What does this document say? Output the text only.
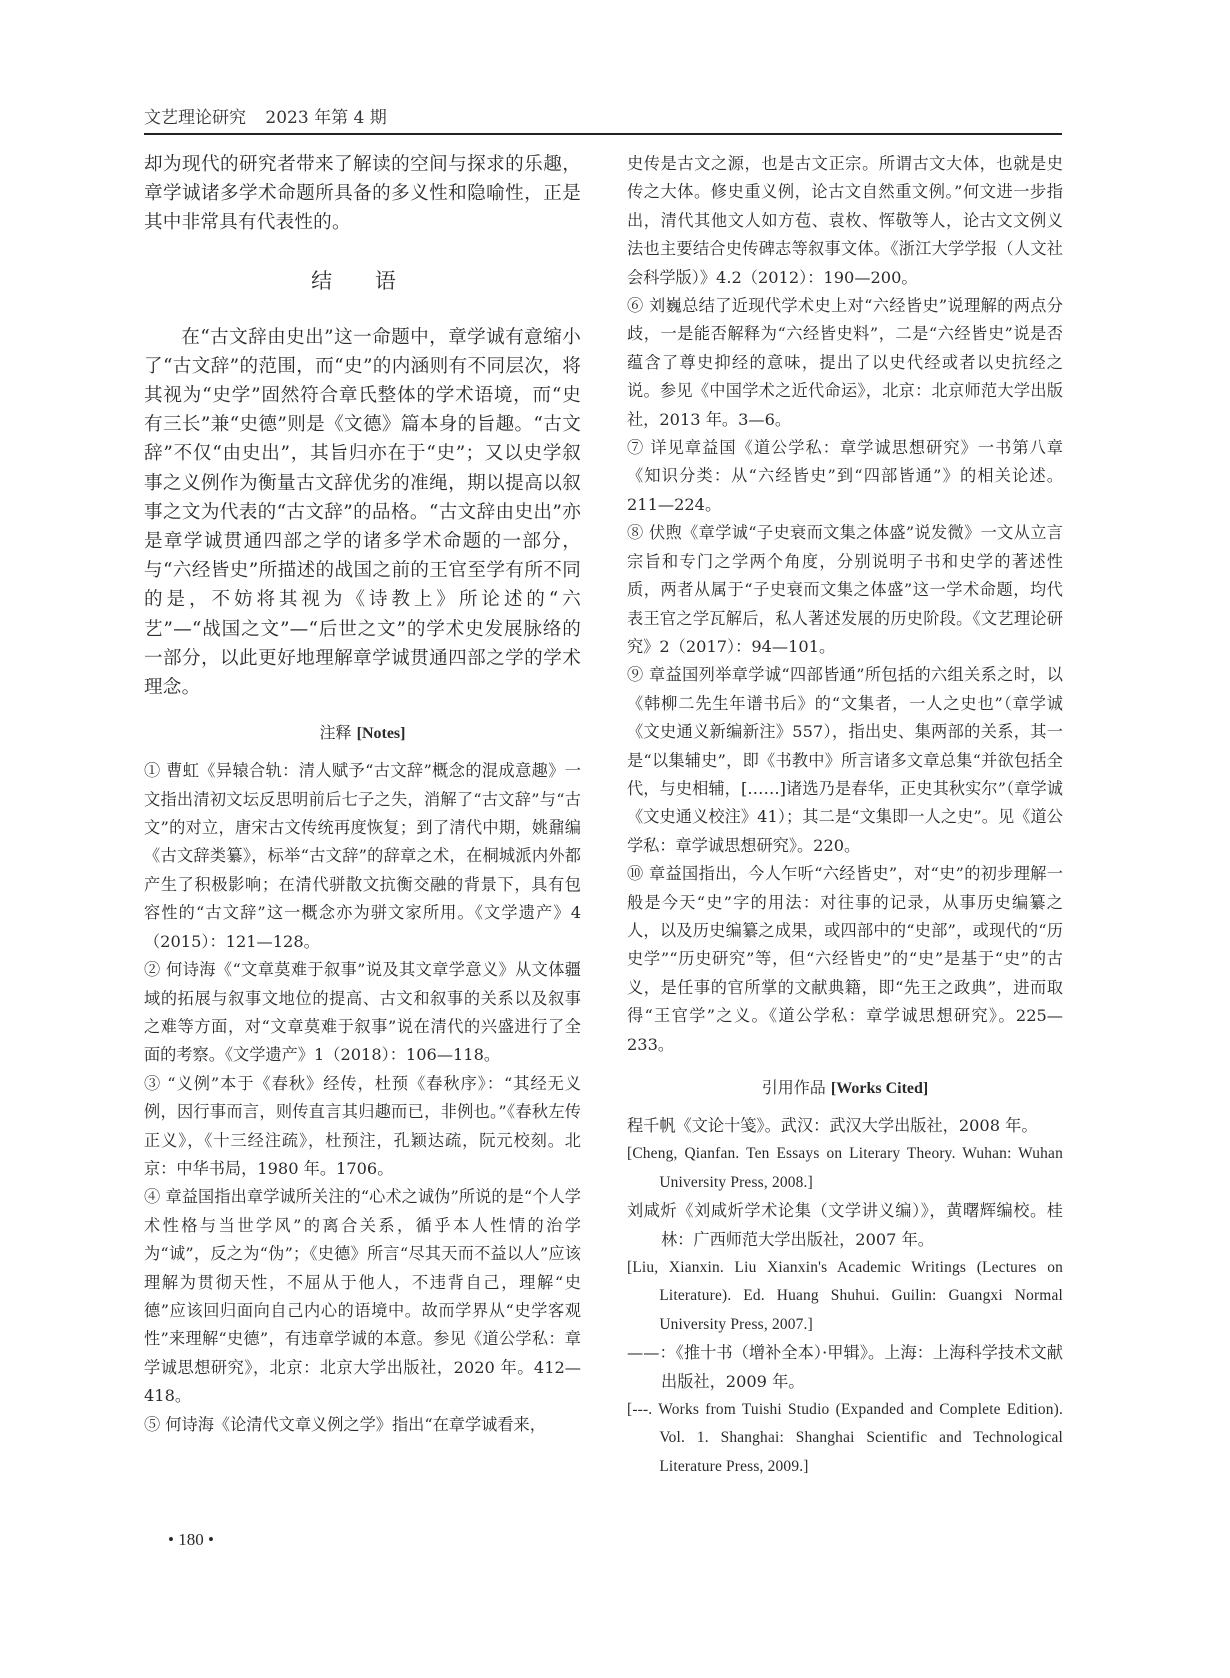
文艺理论研究 2023 年第 4 期

却为现代的研究者带来了解读的空间与探求的乐趣，章学诚诸多学术命题所具备的多义性和隐喻性，正是其中非常具有代表性的。

结 语

在“古文辞由史出”这一命题中，章学诚有意缩小了“古文辞”的范围，而“史”的内涵则有不同层次，将其视为“史学”固然符合章氏整体的学术语境，而“史有三长”兼“史德”则是《文德》篇本身的旨趣。“古文辞”不仅“由史出”，其旨归亦在于“史”；又以史学叙事之义例作为衡量古文辞优劣的准绳，期以提高以叙事之文为代表的“古文辞”的品格。“古文辞由史出”亦是章学诚贯通四部之学的诸多学术命题的一部分，与“六经皆史”所描述的战国之前的王官至学有所不同的是，不妨将其视为《诗教上》所论述的“六艺”—“战国之文”—“后世之文”的学术史发展脉络的一部分，以此更好地理解章学诚贯通四部之学的学术理念。

注释 [Notes]

① 曹虹《异辕合轨：清人赋予“古文辞”概念的混成意趣》一文指出清初文坛反思明前后七子之失，消解了“古文辞”与“古文”的对立，唐宋古文传统再度恢复；到了清代中期，姚鼐编《古文辞类纂》，标举“古文辞”的辞章之术，在桐城派内外都产生了积极影响；在清代骈散文抗衡交融的背景下，具有包容性的“古文辞”这一概念亦为骈文家所用。《文学遗产》4（2015）：121—128。

② 何诗海《“文章莫难于叙事”说及其文章学意义》从文体疆域的拓展与叙事文地位的提高、古文和叙事的关系以及叙事之难等方面，对“文章莫难于叙事”说在清代的兴盛进行了全面的考察。《文学遗产》1（2018）：106—118。

③ “义例”本于《春秋》经传，杜预《春秋序》：“其经无义例，因行事而言，则传直言其归趣而已，非例也。”《春秋左传正义》，《十三经注疏》，杜预注，孔颖达疏，阮元校刻。北京：中华书局，1980 年。1706。

④ 章益国指出章学诚所关注的“心术之诚伪”所说的是“个人学术性格与当世学风”的离合关系，循乎本人性情的治学为“诚”，反之为“伪”；《史德》所言“尽其天而不益以人”应该理解为贯彻天性，不屈从于他人，不违背自己，理解“史德”应该回归面向自己内心的语境中。故而学界从“史学客观性”来理解“史德”，有违章学诚的本意。参见《道公学私：章学诚思想研究》，北京：北京大学出版社，2020 年。412—418。

⑤ 何诗海《论清代文章义例之学》指出“在章学诚看来，

史传是古文之源，也是古文正宗。所谓古文大体，也就是史传之大体。修史重义例，论古文自然重文例。”何文进一步指出，清代其他文人如方苞、袁枚、恽敬等人，论古文文例义法也主要结合史传碑志等叙事文体。《浙江大学学报（人文社会科学版）》4.2（2012）：190—200。

⑥ 刘巍总结了近现代学术史上对“六经皆史”说理解的两点分歧，一是能否解释为“六经皆史料”，二是“六经皆史”说是否蕴含了尊史抑经的意味，提出了以史代经或者以史抗经之说。参见《中国学术之近代命运》，北京：北京师范大学出版社，2013 年。3—6。

⑦ 详见章益国《道公学私：章学诚思想研究》一书第八章《知识分类：从“六经皆史”到“四部皆通”》的相关论述。211—224。

⑧ 伏煦《章学诚“子史衰而文集之体盛”说发微》一文从立言宗旨和专门之学两个角度，分别说明子书和史学的著述性质，两者从属于“子史衰而文集之体盛”这一学术命题，均代表王官之学瓦解后，私人著述发展的历史阶段。《文艺理论研究》2（2017）：94—101。

⑨ 章益国列举章学诚“四部皆通”所包括的六组关系之时，以《韩柳二先生年谱书后》的“文集者，一人之史也”（章学诚《文史通义新编新注》557），指出史、集两部的关系，其一是“以集辅史”，即《书教中》所言诸多文章总集“并欲包括全代，与史相辅，[……]诸选乃是春华，正史其秋实尔”（章学诚《文史通义校注》41）；其二是“文集即一人之史”。见《道公学私：章学诚思想研究》。220。

⑩ 章益国指出，今人乍听“六经皆史”，对“史”的初步理解一般是今天“史”字的用法：对往事的记录，从事历史编纂之人，以及历史编纂之成果，或四部中的“史部”，或现代的“历史学”“历史研究”等，但“六经皆史”的“史”是基于“史”的古义，是任事的官所掌的文献典籍，即“先王之政典”，进而取得“王官学”之义。《道公学私：章学诚思想研究》。225—233。

引用作品 [Works Cited]

程千帆《文论十笺》。武汉：武汉大学出版社，2008 年。

[Cheng, Qianfan. Ten Essays on Literary Theory. Wuhan: Wuhan University Press, 2008.]

刘咸炘《刘咸炘学术论集（文学讲义编）》，黄曙辉编校。桂林：广西师范大学出版社，2007 年。

[Liu, Xianxin. Liu Xianxin's Academic Writings (Lectures on Literature). Ed. Huang Shuhui. Guilin: Guangxi Normal University Press, 2007.]

——：《推十书（增补全本）·甲辑》。上海：上海科学技术文献出版社，2009 年。

[---. Works from Tuishi Studio (Expanded and Complete Edition). Vol. 1. Shanghai: Shanghai Scientific and Technological Literature Press, 2009.]

• 180 •
